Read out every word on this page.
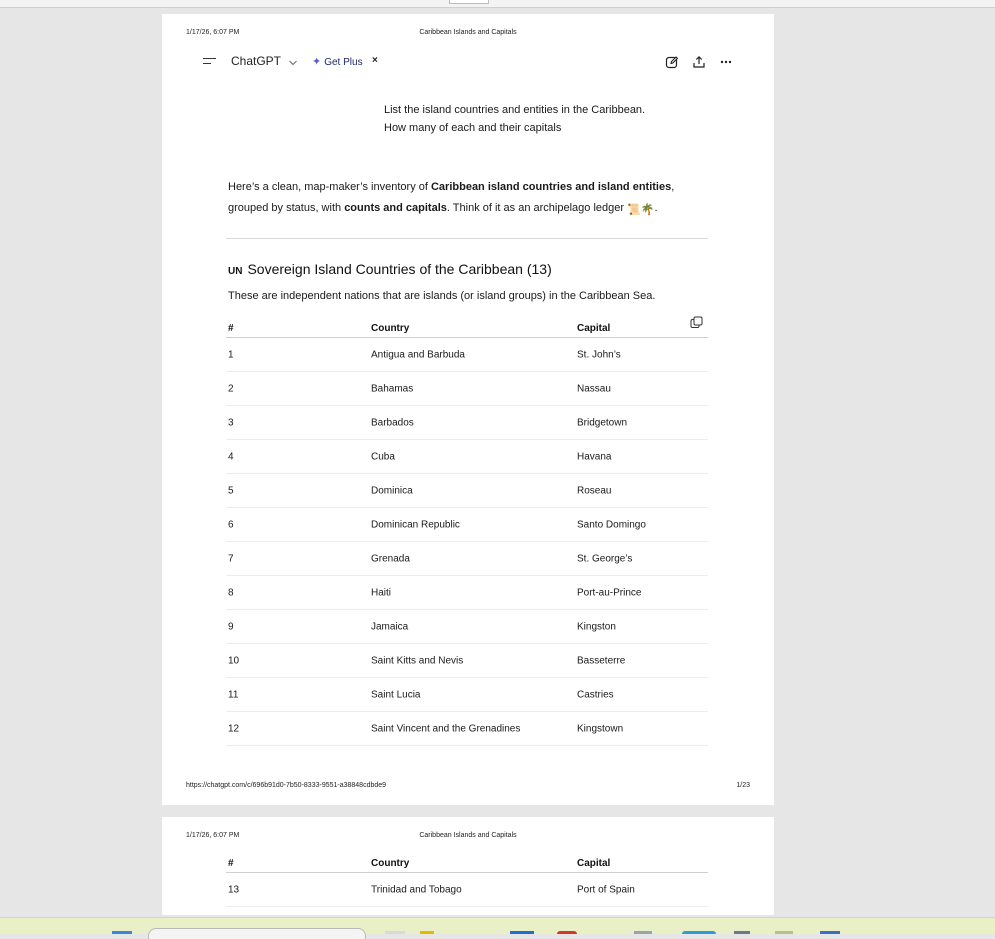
1/17/26, 6:07 PM	Caribbean Islands and Capitals
ChatGPT	✦ Get Plus ×
List the island countries and entities in the Caribbean.
How many of each and their capitals
Here’s a clean, map-maker’s inventory of Caribbean island countries and island entities, grouped by status, with counts and capitals. Think of it as an archipelago ledger 📜🌴.
UN Sovereign Island Countries of the Caribbean (13)
These are independent nations that are islands (or island groups) in the Caribbean Sea.
#	Country	Capital
1	Antigua and Barbuda	St. John’s
2	Bahamas	Nassau
3	Barbados	Bridgetown
4	Cuba	Havana
5	Dominica	Roseau
6	Dominican Republic	Santo Domingo
7	Grenada	St. George’s
8	Haiti	Port-au-Prince
9	Jamaica	Kingston
10	Saint Kitts and Nevis	Basseterre
11	Saint Lucia	Castries
12	Saint Vincent and the Grenadines	Kingstown
https://chatgpt.com/c/696b91d0-7b50-8333-9551-a38848cdbde9	1/23
1/17/26, 6:07 PM	Caribbean Islands and Capitals
#	Country	Capital
13	Trinidad and Tobago	Port of Spain
